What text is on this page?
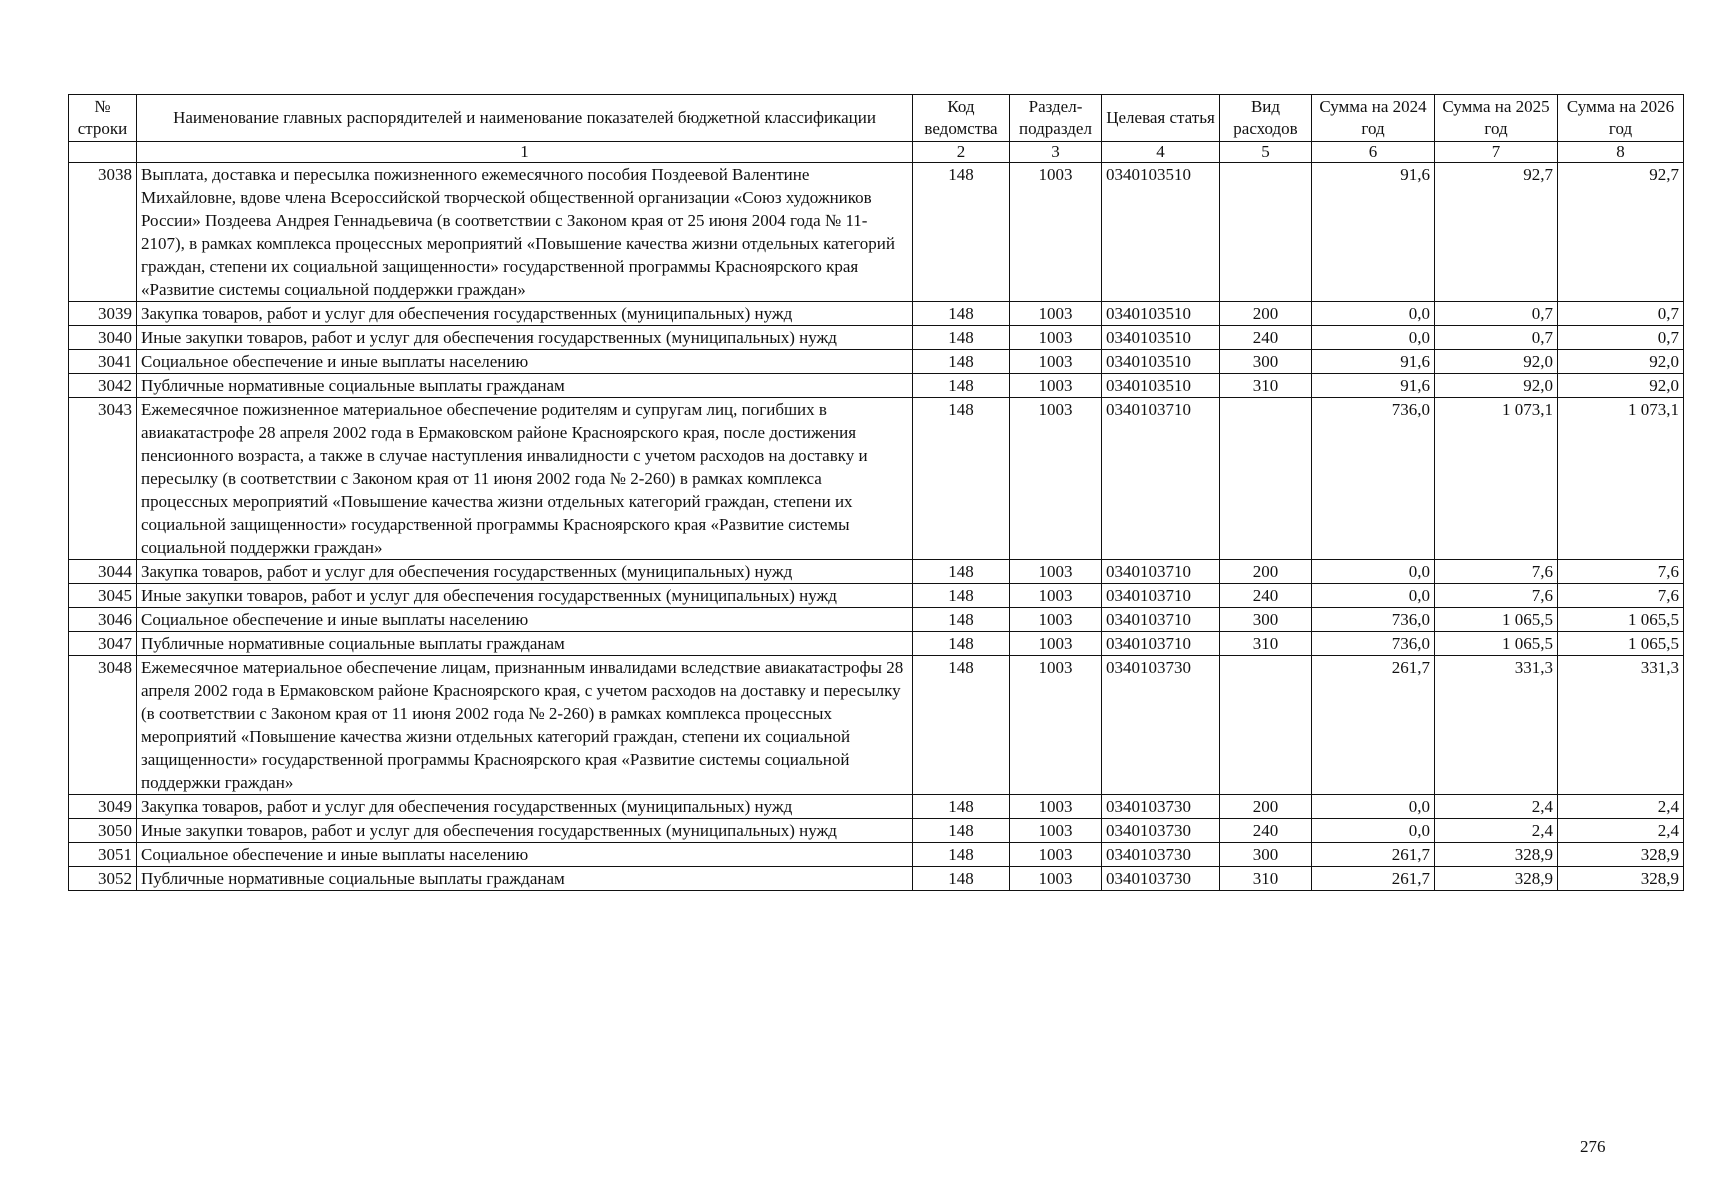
№ строки	Наименование главных распорядителей и наименование показателей бюджетной классификации	Код ведомства	Раздел- подраздел	Целевая статья	Вид расходов	Сумма на 2024 год	Сумма на 2025 год	Сумма на 2026 год
	1	2	3	4	5	6	7	8
3038	Выплата, доставка и пересылка пожизненного ежемесячного пособия Поздеевой Валентине Михайловне, вдове члена Всероссийской творческой общественной организации «Союз художников России» Поздеева Андрея Геннадьевича (в соответствии с Законом края от 25 июня 2004 года № 11-2107), в рамках комплекса процессных мероприятий «Повышение качества жизни отдельных категорий граждан, степени их социальной защищенности» государственной программы Красноярского края «Развитие системы социальной поддержки граждан»	148	1003	0340103510		91,6	92,7	92,7
3039	Закупка товаров, работ и услуг для обеспечения государственных (муниципальных) нужд	148	1003	0340103510	200	0,0	0,7	0,7
3040	Иные закупки товаров, работ и услуг для обеспечения государственных (муниципальных) нужд	148	1003	0340103510	240	0,0	0,7	0,7
3041	Социальное обеспечение и иные выплаты населению	148	1003	0340103510	300	91,6	92,0	92,0
3042	Публичные нормативные социальные выплаты гражданам	148	1003	0340103510	310	91,6	92,0	92,0
3043	Ежемесячное пожизненное материальное обеспечение родителям и супругам лиц, погибших в авиакатастрофе 28 апреля 2002 года в Ермаковском районе Красноярского края, после достижения пенсионного возраста, а также в случае наступления инвалидности с учетом расходов на доставку и пересылку (в соответствии с Законом края от 11 июня 2002 года № 2-260) в рамках комплекса процессных мероприятий «Повышение качества жизни отдельных категорий граждан, степени их социальной защищенности» государственной программы Красноярского края «Развитие системы социальной поддержки граждан»	148	1003	0340103710		736,0	1 073,1	1 073,1
3044	Закупка товаров, работ и услуг для обеспечения государственных (муниципальных) нужд	148	1003	0340103710	200	0,0	7,6	7,6
3045	Иные закупки товаров, работ и услуг для обеспечения государственных (муниципальных) нужд	148	1003	0340103710	240	0,0	7,6	7,6
3046	Социальное обеспечение и иные выплаты населению	148	1003	0340103710	300	736,0	1 065,5	1 065,5
3047	Публичные нормативные социальные выплаты гражданам	148	1003	0340103710	310	736,0	1 065,5	1 065,5
3048	Ежемесячное материальное обеспечение лицам, признанным инвалидами вследствие авиакатастрофы 28 апреля 2002 года в Ермаковском районе Красноярского края, с учетом расходов на доставку и пересылку (в соответствии с Законом края от 11 июня 2002 года № 2-260) в рамках комплекса процессных мероприятий «Повышение качества жизни отдельных категорий граждан, степени их социальной защищенности» государственной программы Красноярского края «Развитие системы социальной поддержки граждан»	148	1003	0340103730		261,7	331,3	331,3
3049	Закупка товаров, работ и услуг для обеспечения государственных (муниципальных) нужд	148	1003	0340103730	200	0,0	2,4	2,4
3050	Иные закупки товаров, работ и услуг для обеспечения государственных (муниципальных) нужд	148	1003	0340103730	240	0,0	2,4	2,4
3051	Социальное обеспечение и иные выплаты населению	148	1003	0340103730	300	261,7	328,9	328,9
3052	Публичные нормативные социальные выплаты гражданам	148	1003	0340103730	310	261,7	328,9	328,9
276
